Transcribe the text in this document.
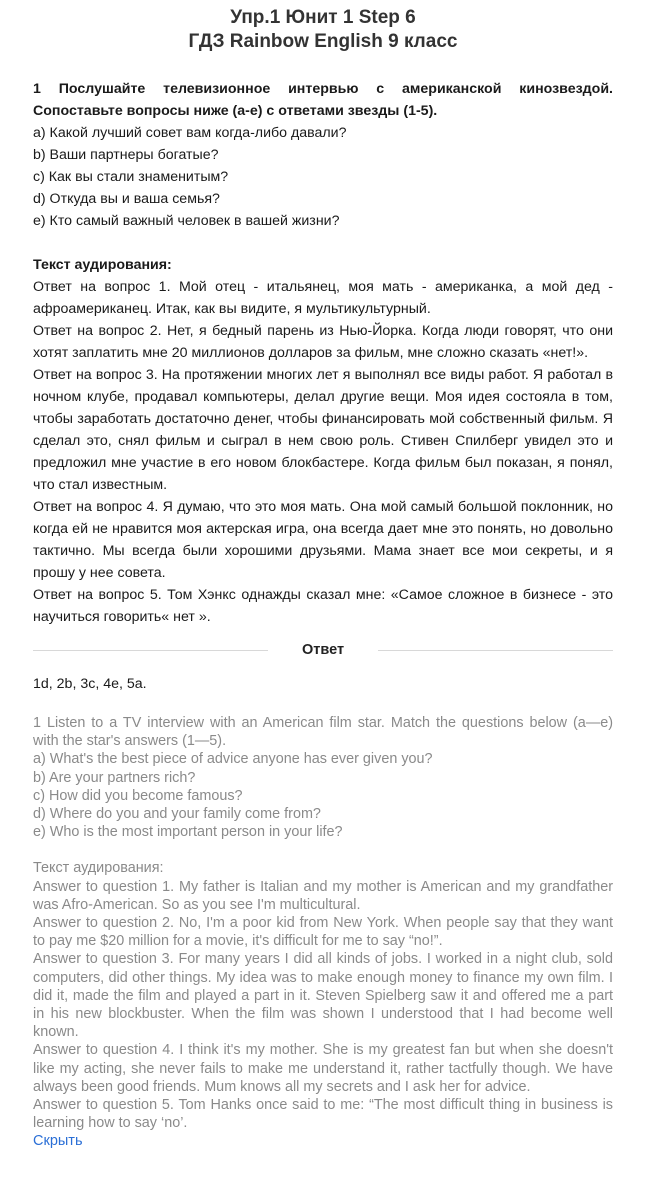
Упр.1 Юнит 1 Step 6
ГДЗ Rainbow English 9 класс

1 Послушайте телевизионное интервью с американской кинозвездой. Сопоставьте вопросы ниже (a-e) с ответами звезды (1-5).

a) Какой лучший совет вам когда-либо давали?

b) Ваши партнеры богатые?

c) Как вы стали знаменитым?

d) Откуда вы и ваша семья?

e) Кто самый важный человек в вашей жизни?

Текст аудирования:

Ответ на вопрос 1. Мой отец - итальянец, моя мать - американка, а мой дед - афроамериканец. Итак, как вы видите, я мультикультурный.

Ответ на вопрос 2. Нет, я бедный парень из Нью-Йорка. Когда люди говорят, что они хотят заплатить мне 20 миллионов долларов за фильм, мне сложно сказать «нет!».

Ответ на вопрос 3. На протяжении многих лет я выполнял все виды работ. Я работал в ночном клубе, продавал компьютеры, делал другие вещи. Моя идея состояла в том, чтобы заработать достаточно денег, чтобы финансировать мой собственный фильм. Я сделал это, снял фильм и сыграл в нем свою роль. Стивен Спилберг увидел это и предложил мне участие в его новом блокбастере. Когда фильм был показан, я понял, что стал известным.

Ответ на вопрос 4. Я думаю, что это моя мать. Она мой самый большой поклонник, но когда ей не нравится моя актерская игра, она всегда дает мне это понять, но довольно тактично. Мы всегда были хорошими друзьями. Мама знает все мои секреты, и я прошу у нее совета.

Ответ на вопрос 5. Том Хэнкс однажды сказал мне: «Самое сложное в бизнесе - это научиться говорить« нет ».

Ответ
1d, 2b, 3c, 4e, 5a.

1 Listen to a TV interview with an American film star. Match the questions below (a—e) with the star's answers (1—5).

a) What's the best piece of advice anyone has ever given you?

b) Are your partners rich?

c) How did you become famous?

d) Where do you and your family come from?

e) Who is the most important person in your life?

Текст аудирования:

Answer to question 1. My father is Italian and my mother is American and my grandfather was Afro-American. So as you see I'm multicultural.

Answer to question 2. No, I'm a poor kid from New York. When people say that they want to pay me $20 million for a movie, it's difficult for me to say “no!”.

Answer to question 3. For many years I did all kinds of jobs. I worked in a night club, sold computers, did other things. My idea was to make enough money to finance my own film. I did it, made the film and played a part in it. Steven Spielberg saw it and offered me a part in his new blockbuster. When the film was shown I understood that I had become well known.

Answer to question 4. I think it's my mother. She is my greatest fan but when she doesn't like my acting, she never fails to make me understand it, rather tactfully though. We have always been good friends. Mum knows all my secrets and I ask her for advice.

Answer to question 5. Tom Hanks once said to me: “The most difficult thing in business is learning how to say ‘no’.

Скрыть
